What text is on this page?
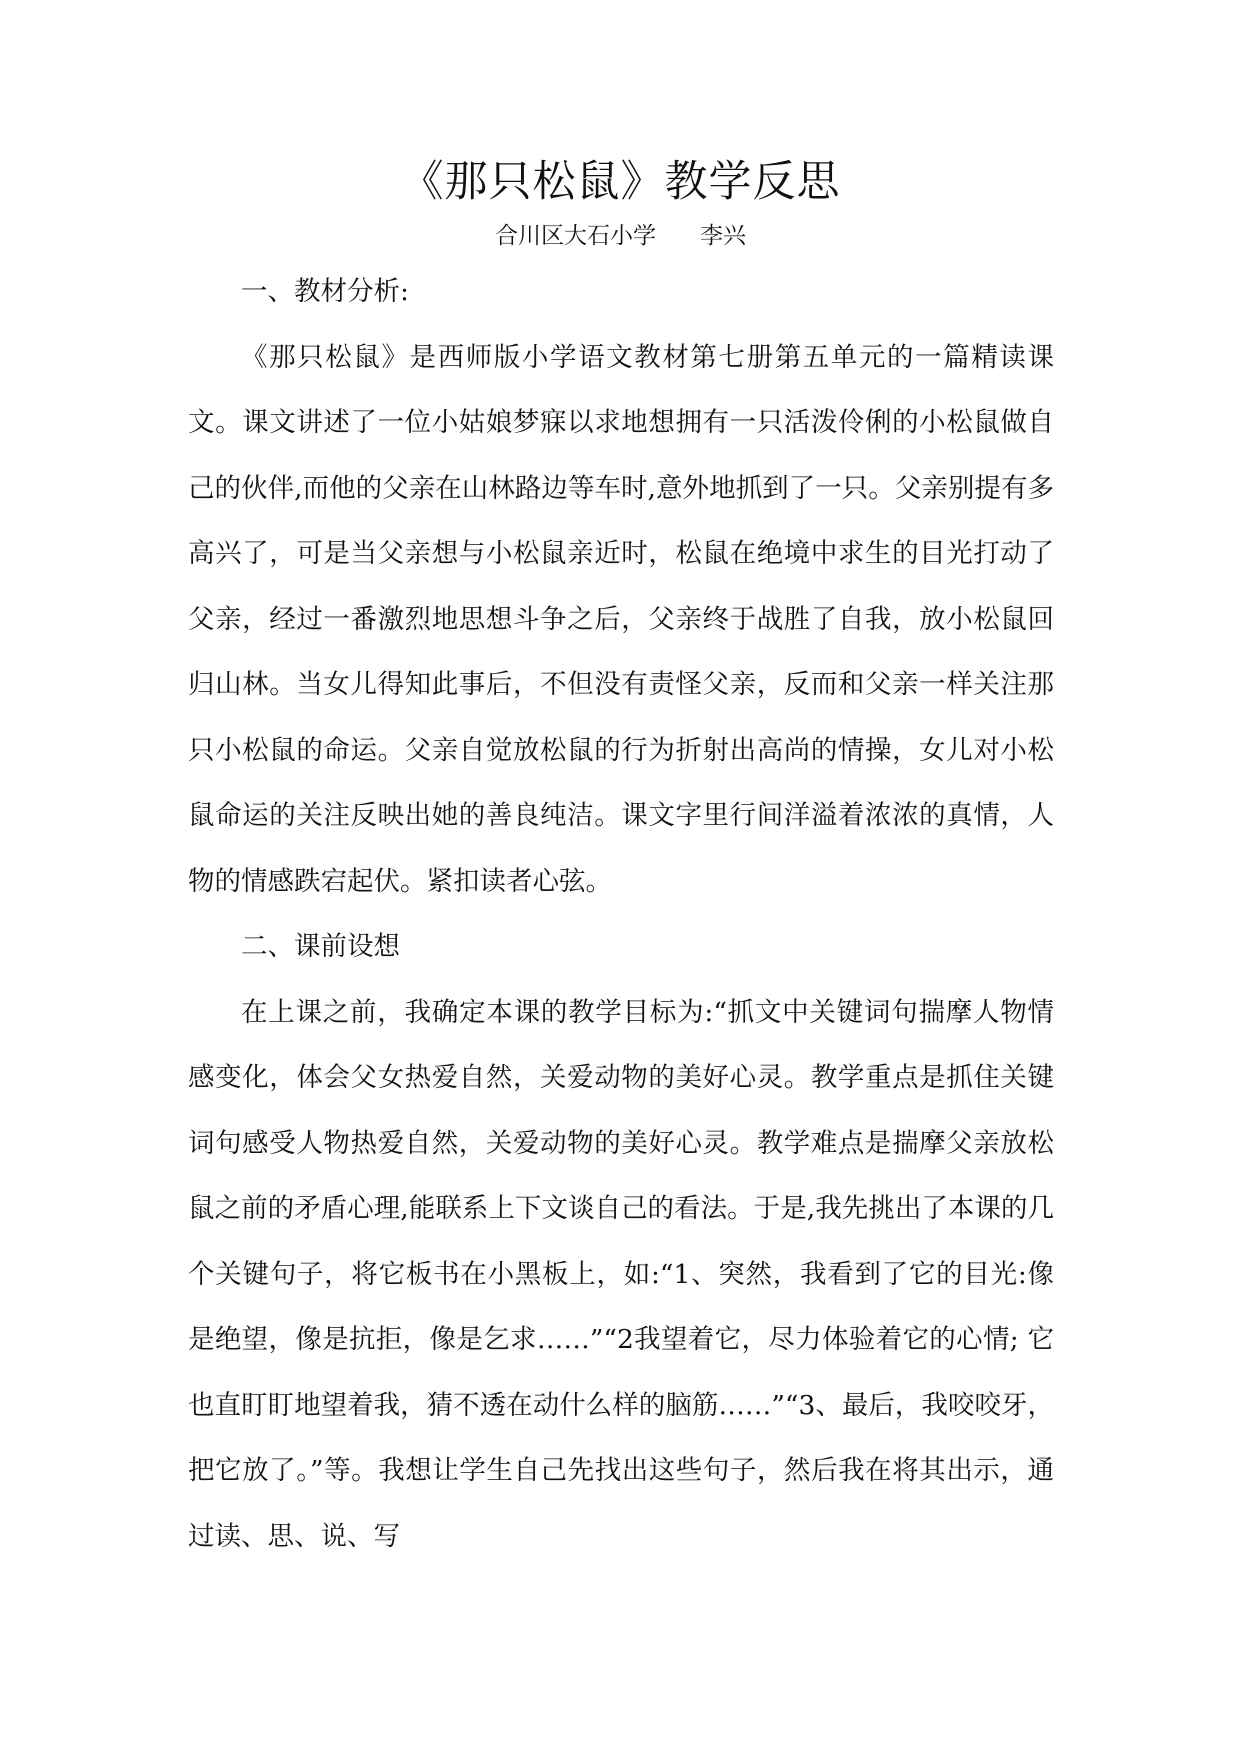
《那只松鼠》教学反思
合川区大石小学 李兴

一、教材分析:

《那只松鼠》是西师版小学语文教材第七册第五单元的一篇精读课文。课文讲述了一位小姑娘梦寐以求地想拥有一只活泼伶俐的小松鼠做自己的伙伴,而他的父亲在山林路边等车时,意外地抓到了一只。父亲别提有多高兴了，可是当父亲想与小松鼠亲近时，松鼠在绝境中求生的目光打动了父亲，经过一番激烈地思想斗争之后，父亲终于战胜了自我，放小松鼠回归山林。当女儿得知此事后，不但没有责怪父亲，反而和父亲一样关注那只小松鼠的命运。父亲自觉放松鼠的行为折射出高尚的情操，女儿对小松鼠命运的关注反映出她的善良纯洁。课文字里行间洋溢着浓浓的真情，人物的情感跌宕起伏。紧扣读者心弦。

二、课前设想

在上课之前，我确定本课的教学目标为:“抓文中关键词句揣摩人物情感变化，体会父女热爱自然，关爱动物的美好心灵。教学重点是抓住关键词句感受人物热爱自然，关爱动物的美好心灵。教学难点是揣摩父亲放松鼠之前的矛盾心理,能联系上下文谈自己的看法。于是,我先挑出了本课的几个关键句子，将它板书在小黑板上，如:“1、突然，我看到了它的目光:像是绝望，像是抗拒，像是乞求……”“2我望着它，尽力体验着它的心情; 它也直盯盯地望着我，猜不透在动什么样的脑筋……”“3、最后，我咬咬牙，把它放了。”等。我想让学生自己先找出这些句子，然后我在将其出示，通过读、思、说、写
